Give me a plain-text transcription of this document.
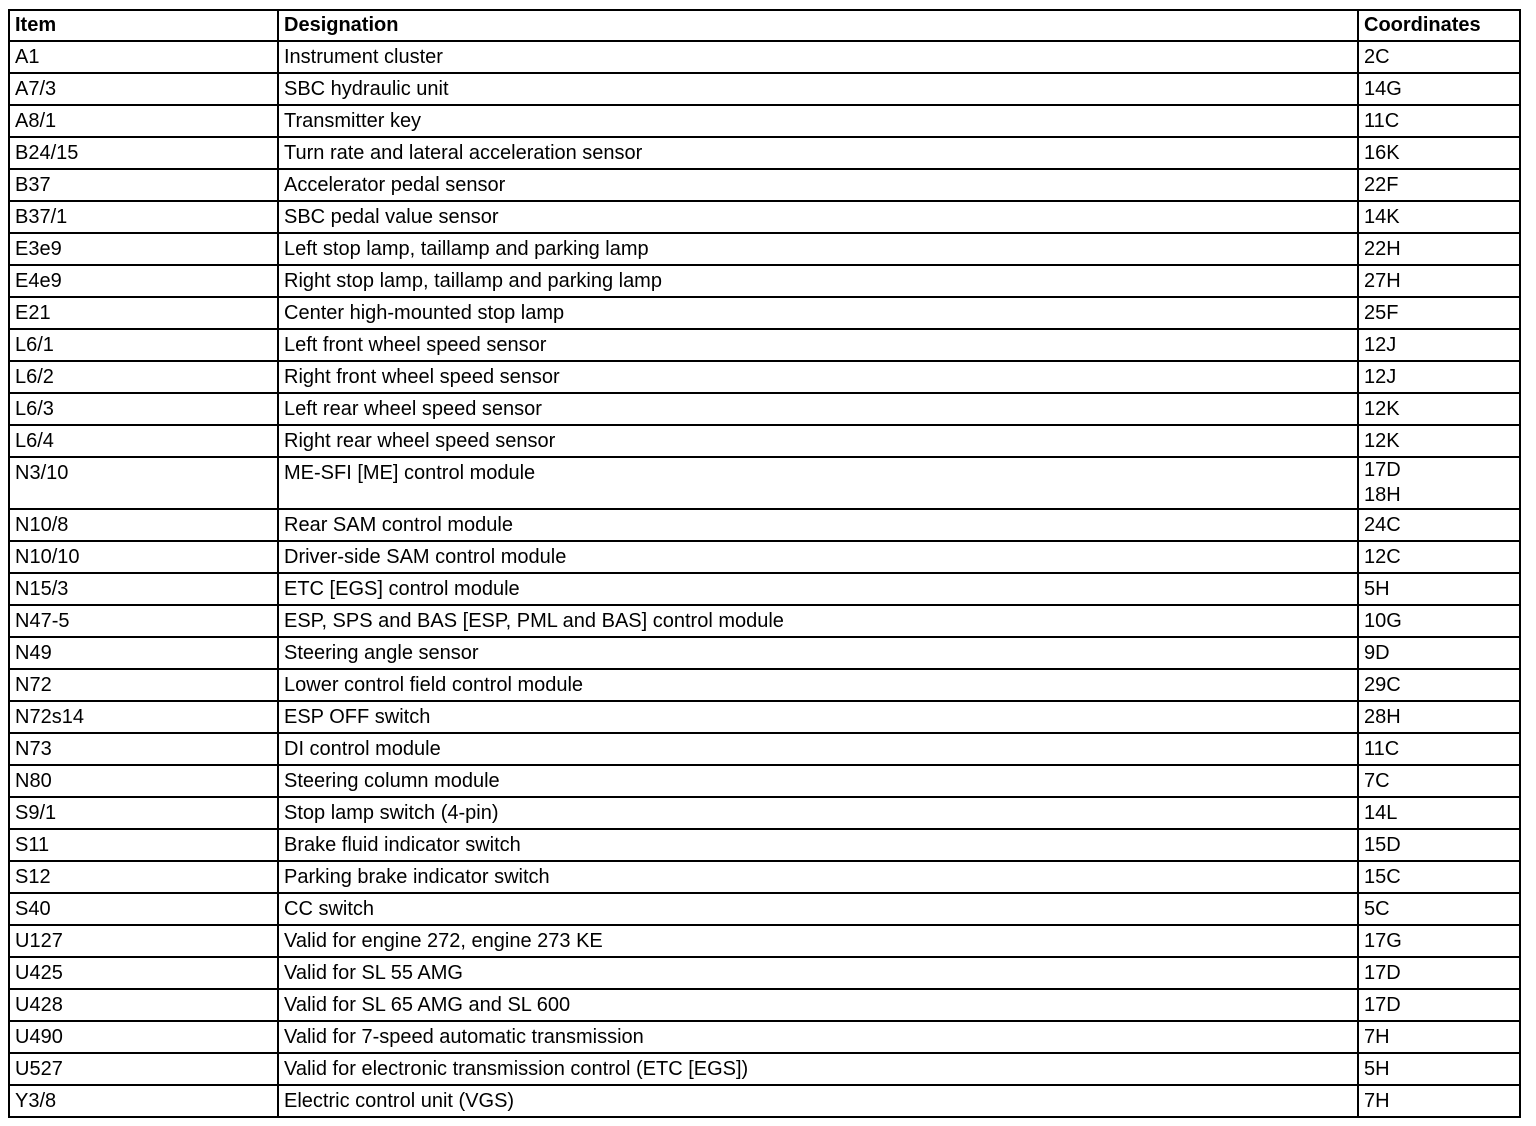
Item	Designation	Coordinates
A1	Instrument cluster	2C

A7/3	SBC hydraulic unit	14G

A8/1	Transmitter key	11C

B24/15	Turn rate and lateral acceleration sensor	16K

B37	Accelerator pedal sensor	22F

B37/1	SBC pedal value sensor	14K

E3e9	Left stop lamp, taillamp and parking lamp	22H

E4e9	Right stop lamp, taillamp and parking lamp	27H

E21	Center high-mounted stop lamp	25F

L6/1	Left front wheel speed sensor	12J

L6/2	Right front wheel speed sensor	12J

L6/3	Left rear wheel speed sensor	12K

L6/4	Right rear wheel speed sensor	12K

N3/10	ME-SFI [ME] control module	17D
18H

N10/8	Rear SAM control module	24C

N10/10	Driver-side SAM control module	12C

N15/3	ETC [EGS] control module	5H

N47-5	ESP, SPS and BAS [ESP, PML and BAS] control module	10G

N49	Steering angle sensor	9D

N72	Lower control field control module	29C

N72s14	ESP OFF switch	28H

N73	DI control module	11C

N80	Steering column module	7C

S9/1	Stop lamp switch (4-pin)	14L

S11	Brake fluid indicator switch	15D

S12	Parking brake indicator switch	15C

S40	CC switch	5C

U127	Valid for engine 272, engine 273 KE	17G

U425	Valid for SL 55 AMG	17D

U428	Valid for SL 65 AMG and SL 600	17D

U490	Valid for 7-speed automatic transmission	7H

U527	Valid for electronic transmission control (ETC [EGS])	5H

Y3/8	Electric control unit (VGS)	7H
